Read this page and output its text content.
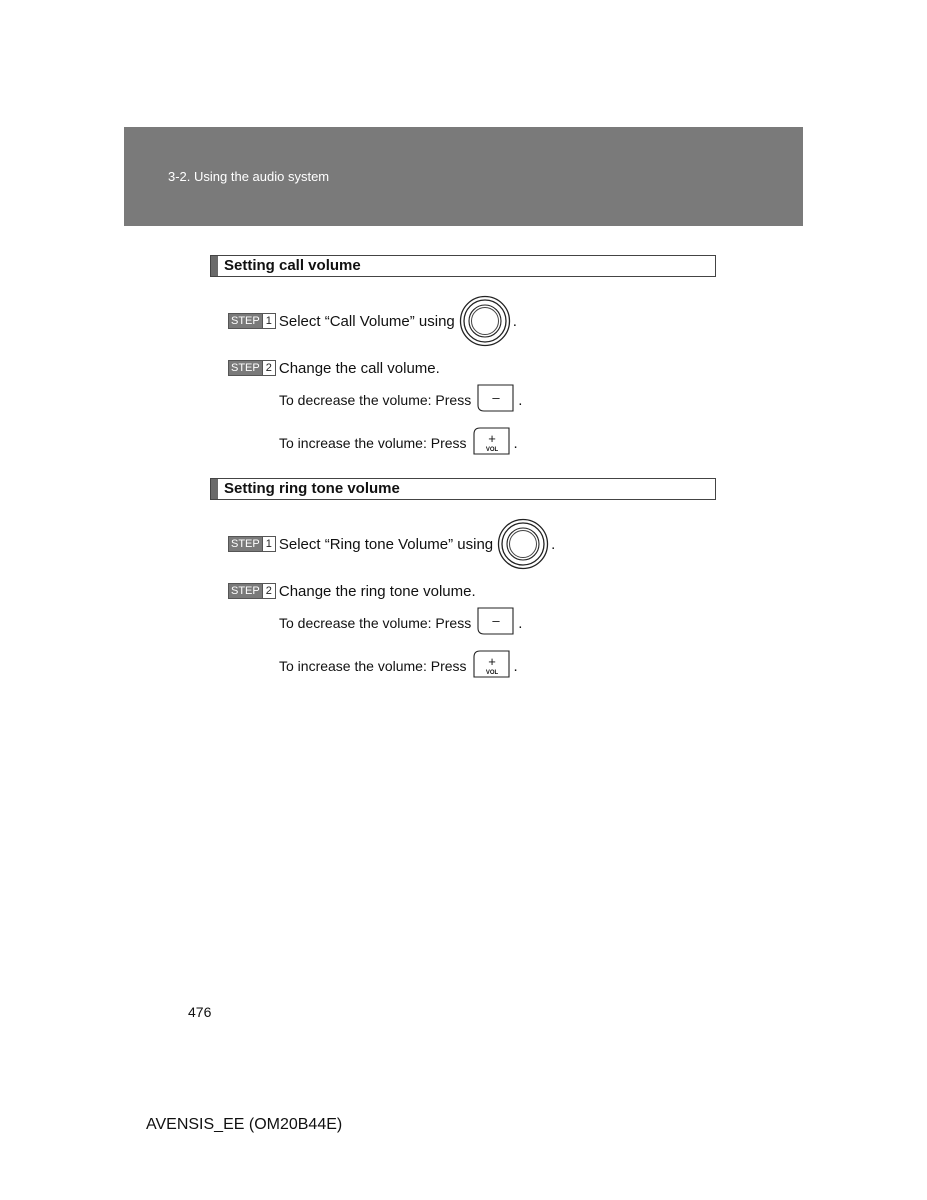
3-2. Using the audio system
Setting call volume
STEP 1 Select “Call Volume” using	.
STEP 2 Change the call volume.
To decrease the volume: Press – .
To increase the volume: Press +
VOL .
Setting ring tone volume
STEP 1 Select “Ring tone Volume” using	.
STEP 2 Change the ring tone volume.
To decrease the volume: Press – .
To increase the volume: Press +
VOL .
476
AVENSIS_EE (OM20B44E)
